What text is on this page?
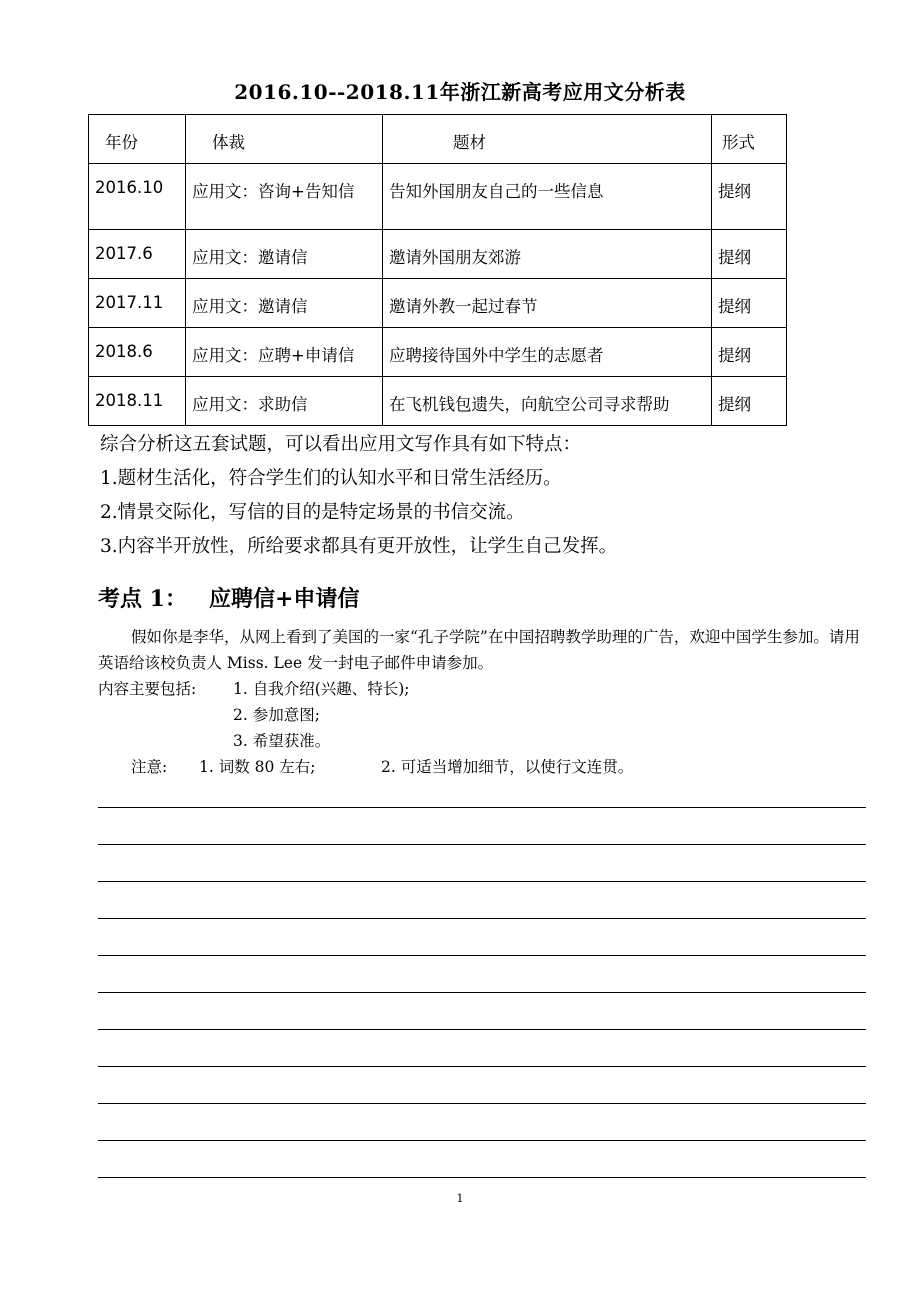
2016.10--2018.11年浙江新高考应用文分析表
年份	体裁	题材	形式
2016.10	应用文：咨询+告知信	告知外国朋友自己的一些信息	提纲
2017.6	应用文：邀请信	邀请外国朋友郊游	提纲
2017.11	应用文：邀请信	邀请外教一起过春节	提纲
2018.6	应用文：应聘+申请信	应聘接待国外中学生的志愿者	提纲
2018.11	应用文：求助信	在飞机钱包遗失，向航空公司寻求帮助	提纲
综合分析这五套试题，可以看出应用文写作具有如下特点：
1.题材生活化，符合学生们的认知水平和日常生活经历。
2.情景交际化，写信的目的是特定场景的书信交流。
3.内容半开放性，所给要求都具有更开放性，让学生自己发挥。
考点 1： 应聘信+申请信
假如你是李华，从网上看到了美国的一家“孔子学院”在中国招聘教学助理的广告，欢迎中国学生参加。请用英语给该校负责人 Miss. Lee 发一封电子邮件申请参加。
内容主要包括: 1. 自我介绍(兴趣、特长);
2. 参加意图;
3. 希望获准。
注意: 1. 词数 80 左右;	2. 可适当增加细节，以使行文连贯。
1
